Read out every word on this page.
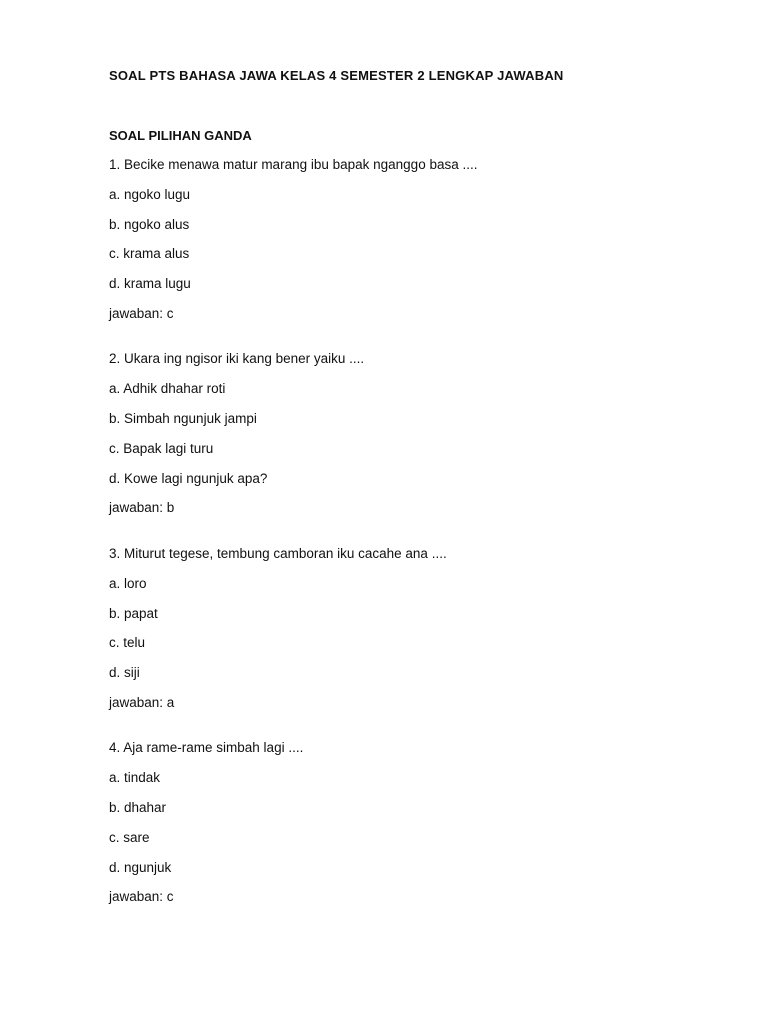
SOAL PTS BAHASA JAWA KELAS 4 SEMESTER 2 LENGKAP JAWABAN
SOAL PILIHAN GANDA
1. Becike menawa matur marang ibu bapak nganggo basa ....
a. ngoko lugu
b. ngoko alus
c. krama alus
d. krama lugu
jawaban: c
2. Ukara ing ngisor iki kang bener yaiku ....
a. Adhik dhahar roti
b. Simbah ngunjuk jampi
c. Bapak lagi turu
d. Kowe lagi ngunjuk apa?
jawaban: b
3. Miturut tegese, tembung camboran iku cacahe ana ....
a. loro
b. papat
c. telu
d. siji
jawaban: a
4. Aja rame-rame simbah lagi ....
a. tindak
b. dhahar
c. sare
d. ngunjuk
jawaban: c
